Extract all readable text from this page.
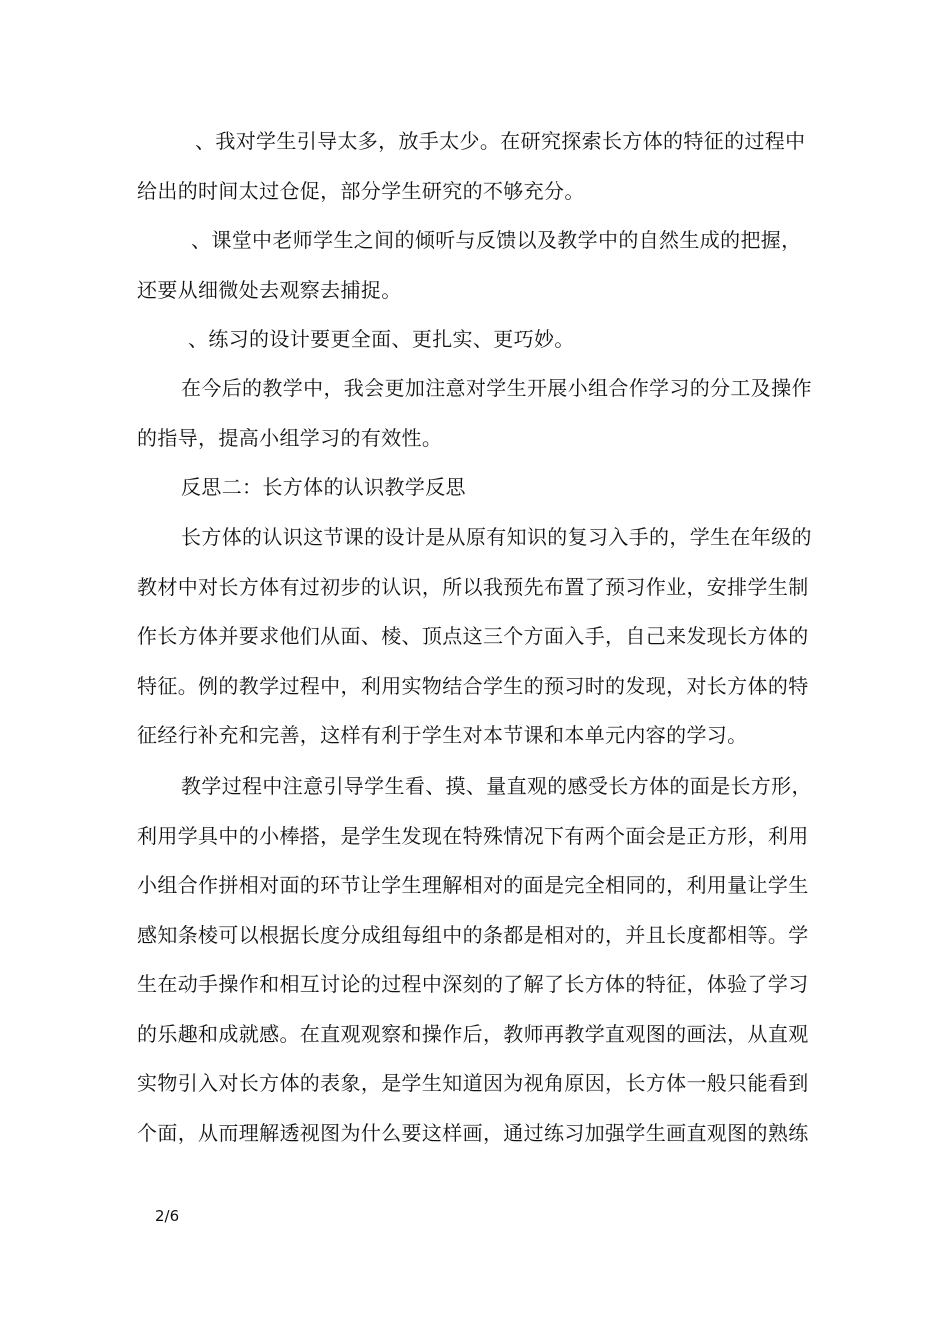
、我对学生引导太多，放手太少。在研究探索长方体的特征的过程中给出的时间太过仓促，部分学生研究的不够充分。

、课堂中老师学生之间的倾听与反馈以及教学中的自然生成的把握，还要从细微处去观察去捕捉。

、练习的设计要更全面、更扎实、更巧妙。

在今后的教学中，我会更加注意对学生开展小组合作学习的分工及操作的指导，提高小组学习的有效性。

反思二：长方体的认识教学反思

长方体的认识这节课的设计是从原有知识的复习入手的，学生在年级的教材中对长方体有过初步的认识，所以我预先布置了预习作业，安排学生制作长方体并要求他们从面、棱、顶点这三个方面入手，自己来发现长方体的特征。例的教学过程中，利用实物结合学生的预习时的发现，对长方体的特征经行补充和完善，这样有利于学生对本节课和本单元内容的学习。

教学过程中注意引导学生看、摸、量直观的感受长方体的面是长方形，利用学具中的小棒搭，是学生发现在特殊情况下有两个面会是正方形，利用小组合作拼相对面的环节让学生理解相对的面是完全相同的，利用量让学生感知条棱可以根据长度分成组每组中的条都是相对的，并且长度都相等。学生在动手操作和相互讨论的过程中深刻的了解了长方体的特征，体验了学习的乐趣和成就感。在直观观察和操作后，教师再教学直观图的画法，从直观实物引入对长方体的表象，是学生知道因为视角原因，长方体一般只能看到个面，从而理解透视图为什么要这样画，通过练习加强学生画直观图的熟练

2/6
